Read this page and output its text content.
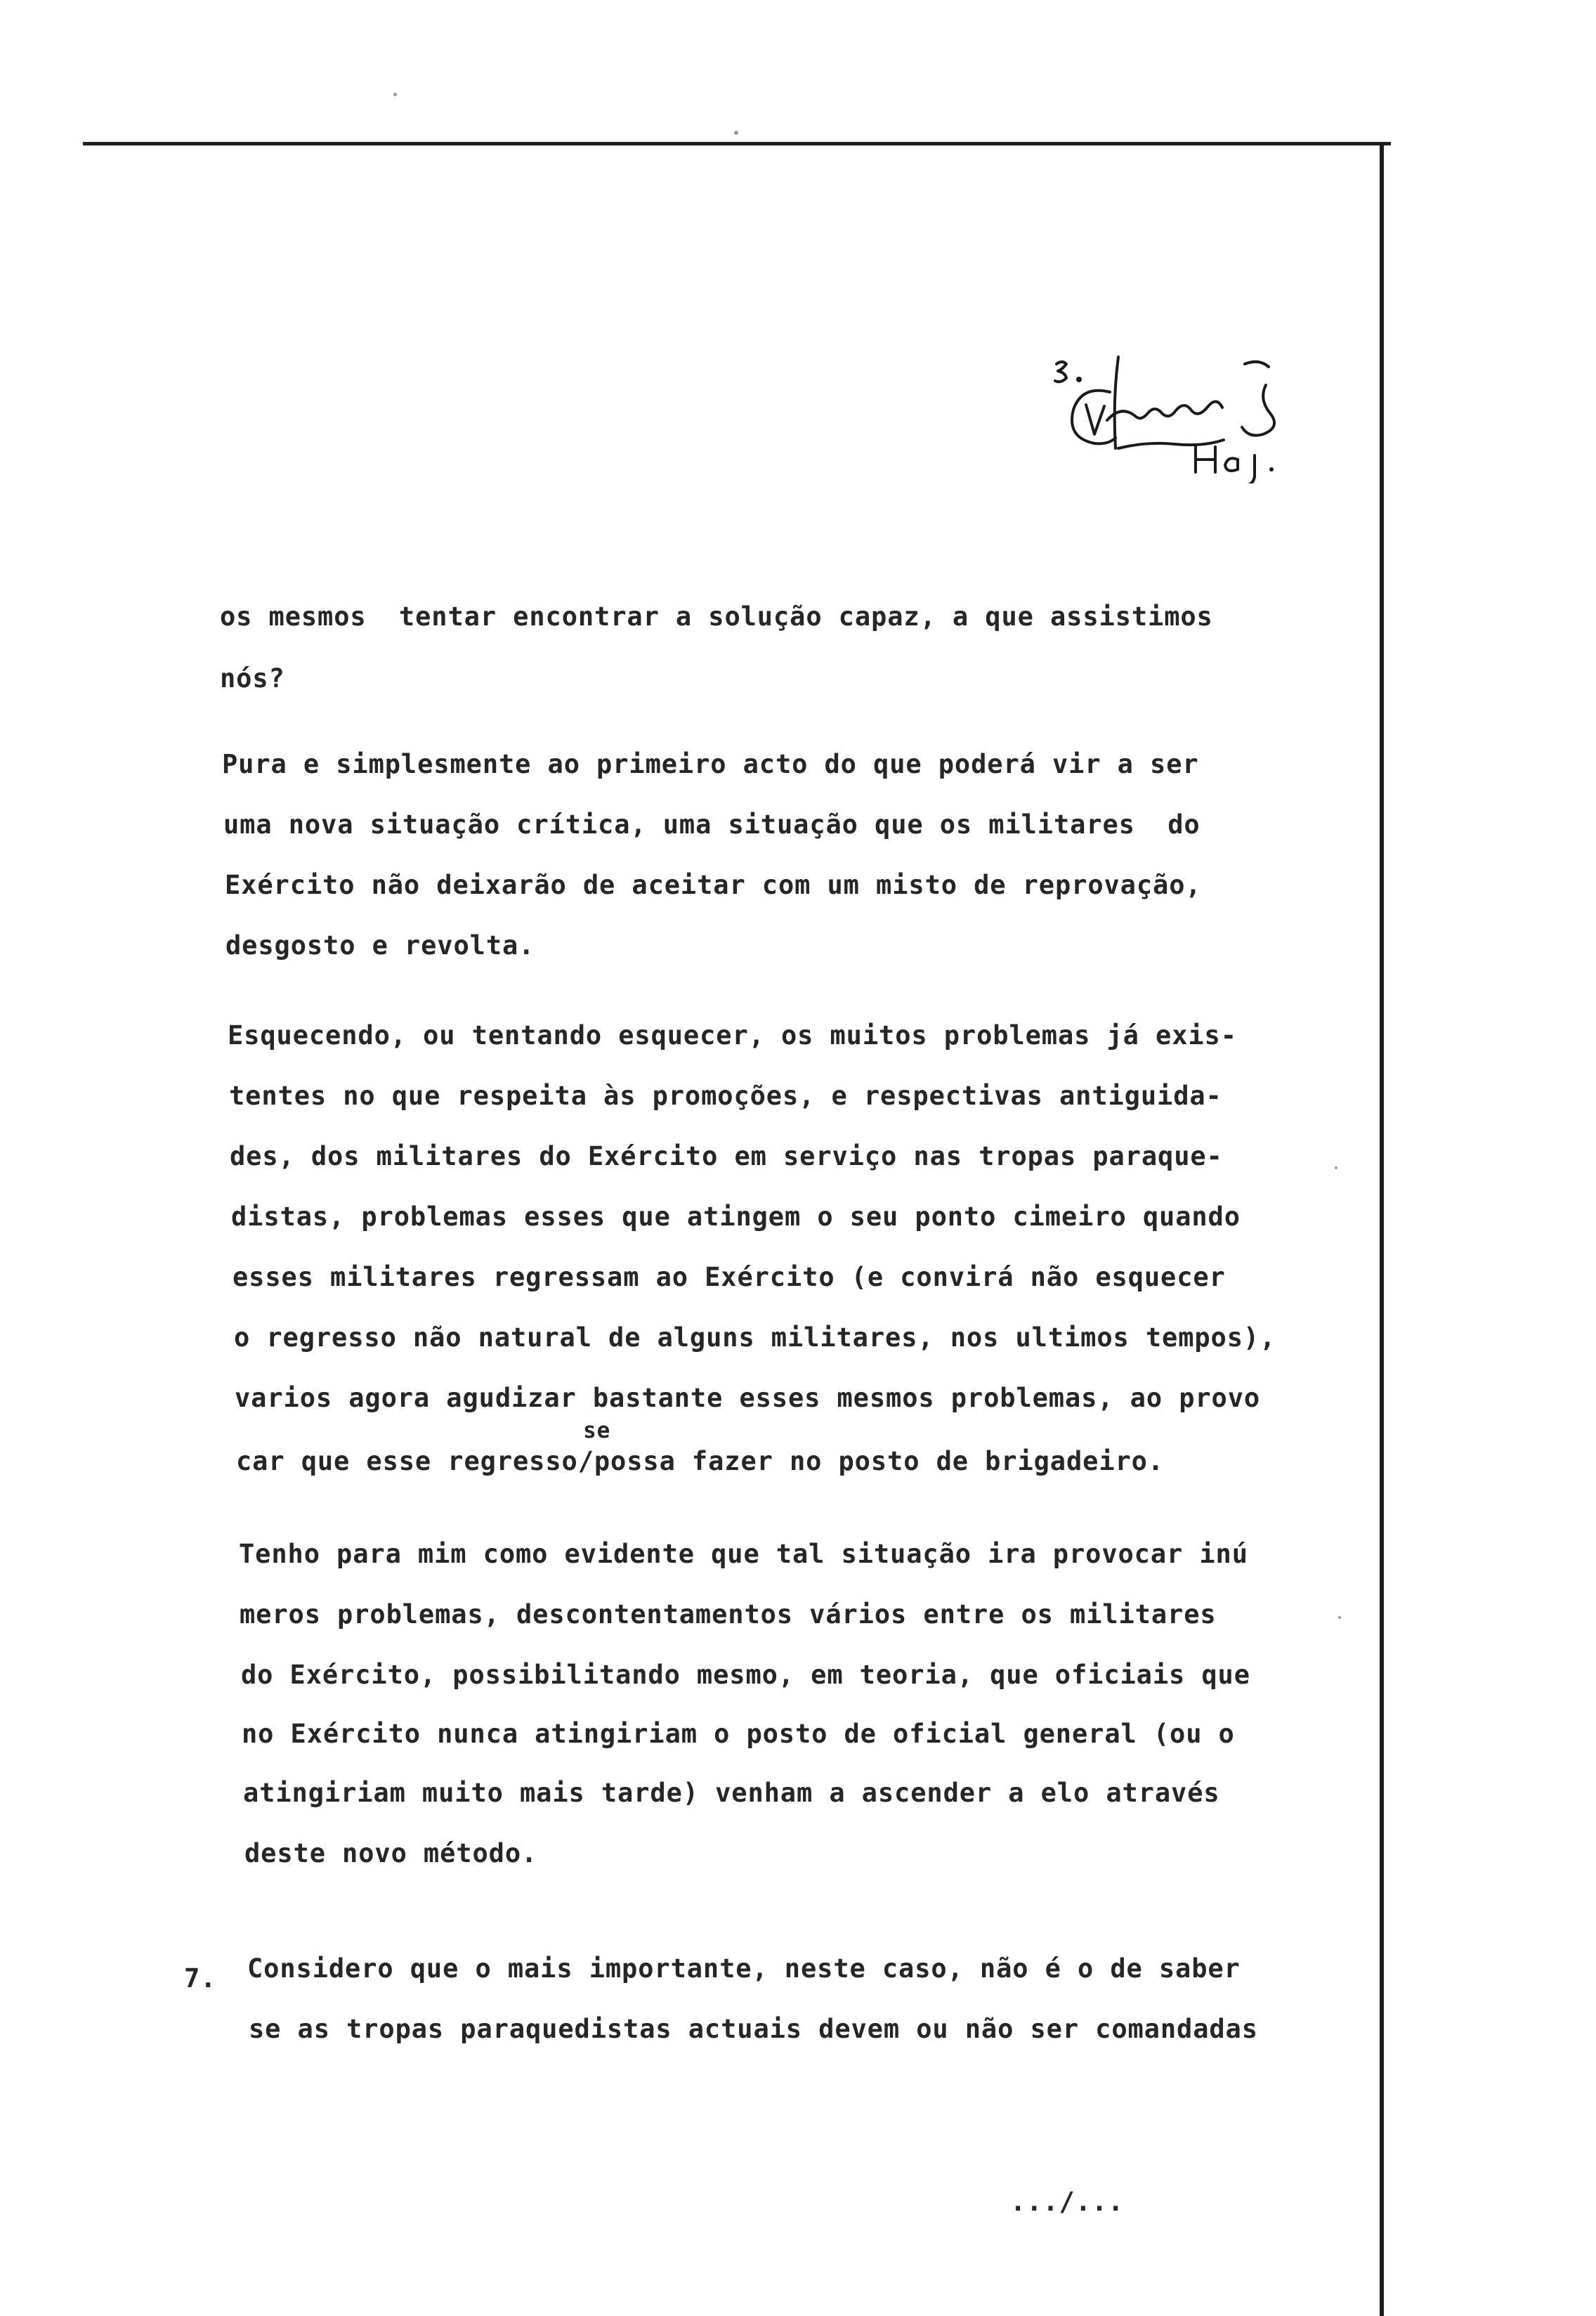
os mesmos  tentar encontrar a solução capaz, a que assistimos
nós?
Pura e simplesmente ao primeiro acto do que poderá vir a ser
uma nova situação crítica, uma situação que os militares  do
Exército não deixarão de aceitar com um misto de reprovação,
desgosto e revolta.
Esquecendo, ou tentando esquecer, os muitos problemas já exis-
tentes no que respeita às promoções, e respectivas antiguida-
des, dos militares do Exército em serviço nas tropas paraque-
distas, problemas esses que atingem o seu ponto cimeiro quando
esses militares regressam ao Exército (e convirá não esquecer
o regresso não natural de alguns militares, nos ultimos tempos),
varios agora agudizar bastante esses mesmos problemas, ao provo
se
car que esse regresso/possa fazer no posto de brigadeiro.
Tenho para mim como evidente que tal situação ira provocar inú
meros problemas, descontentamentos vários entre os militares
do Exército, possibilitando mesmo, em teoria, que oficiais que
no Exército nunca atingiriam o posto de oficial general (ou o
atingiriam muito mais tarde) venham a ascender a elo através
deste novo método.
7. Considero que o mais importante, neste caso, não é o de saber
se as tropas paraquedistas actuais devem ou não ser comandadas
.../...
